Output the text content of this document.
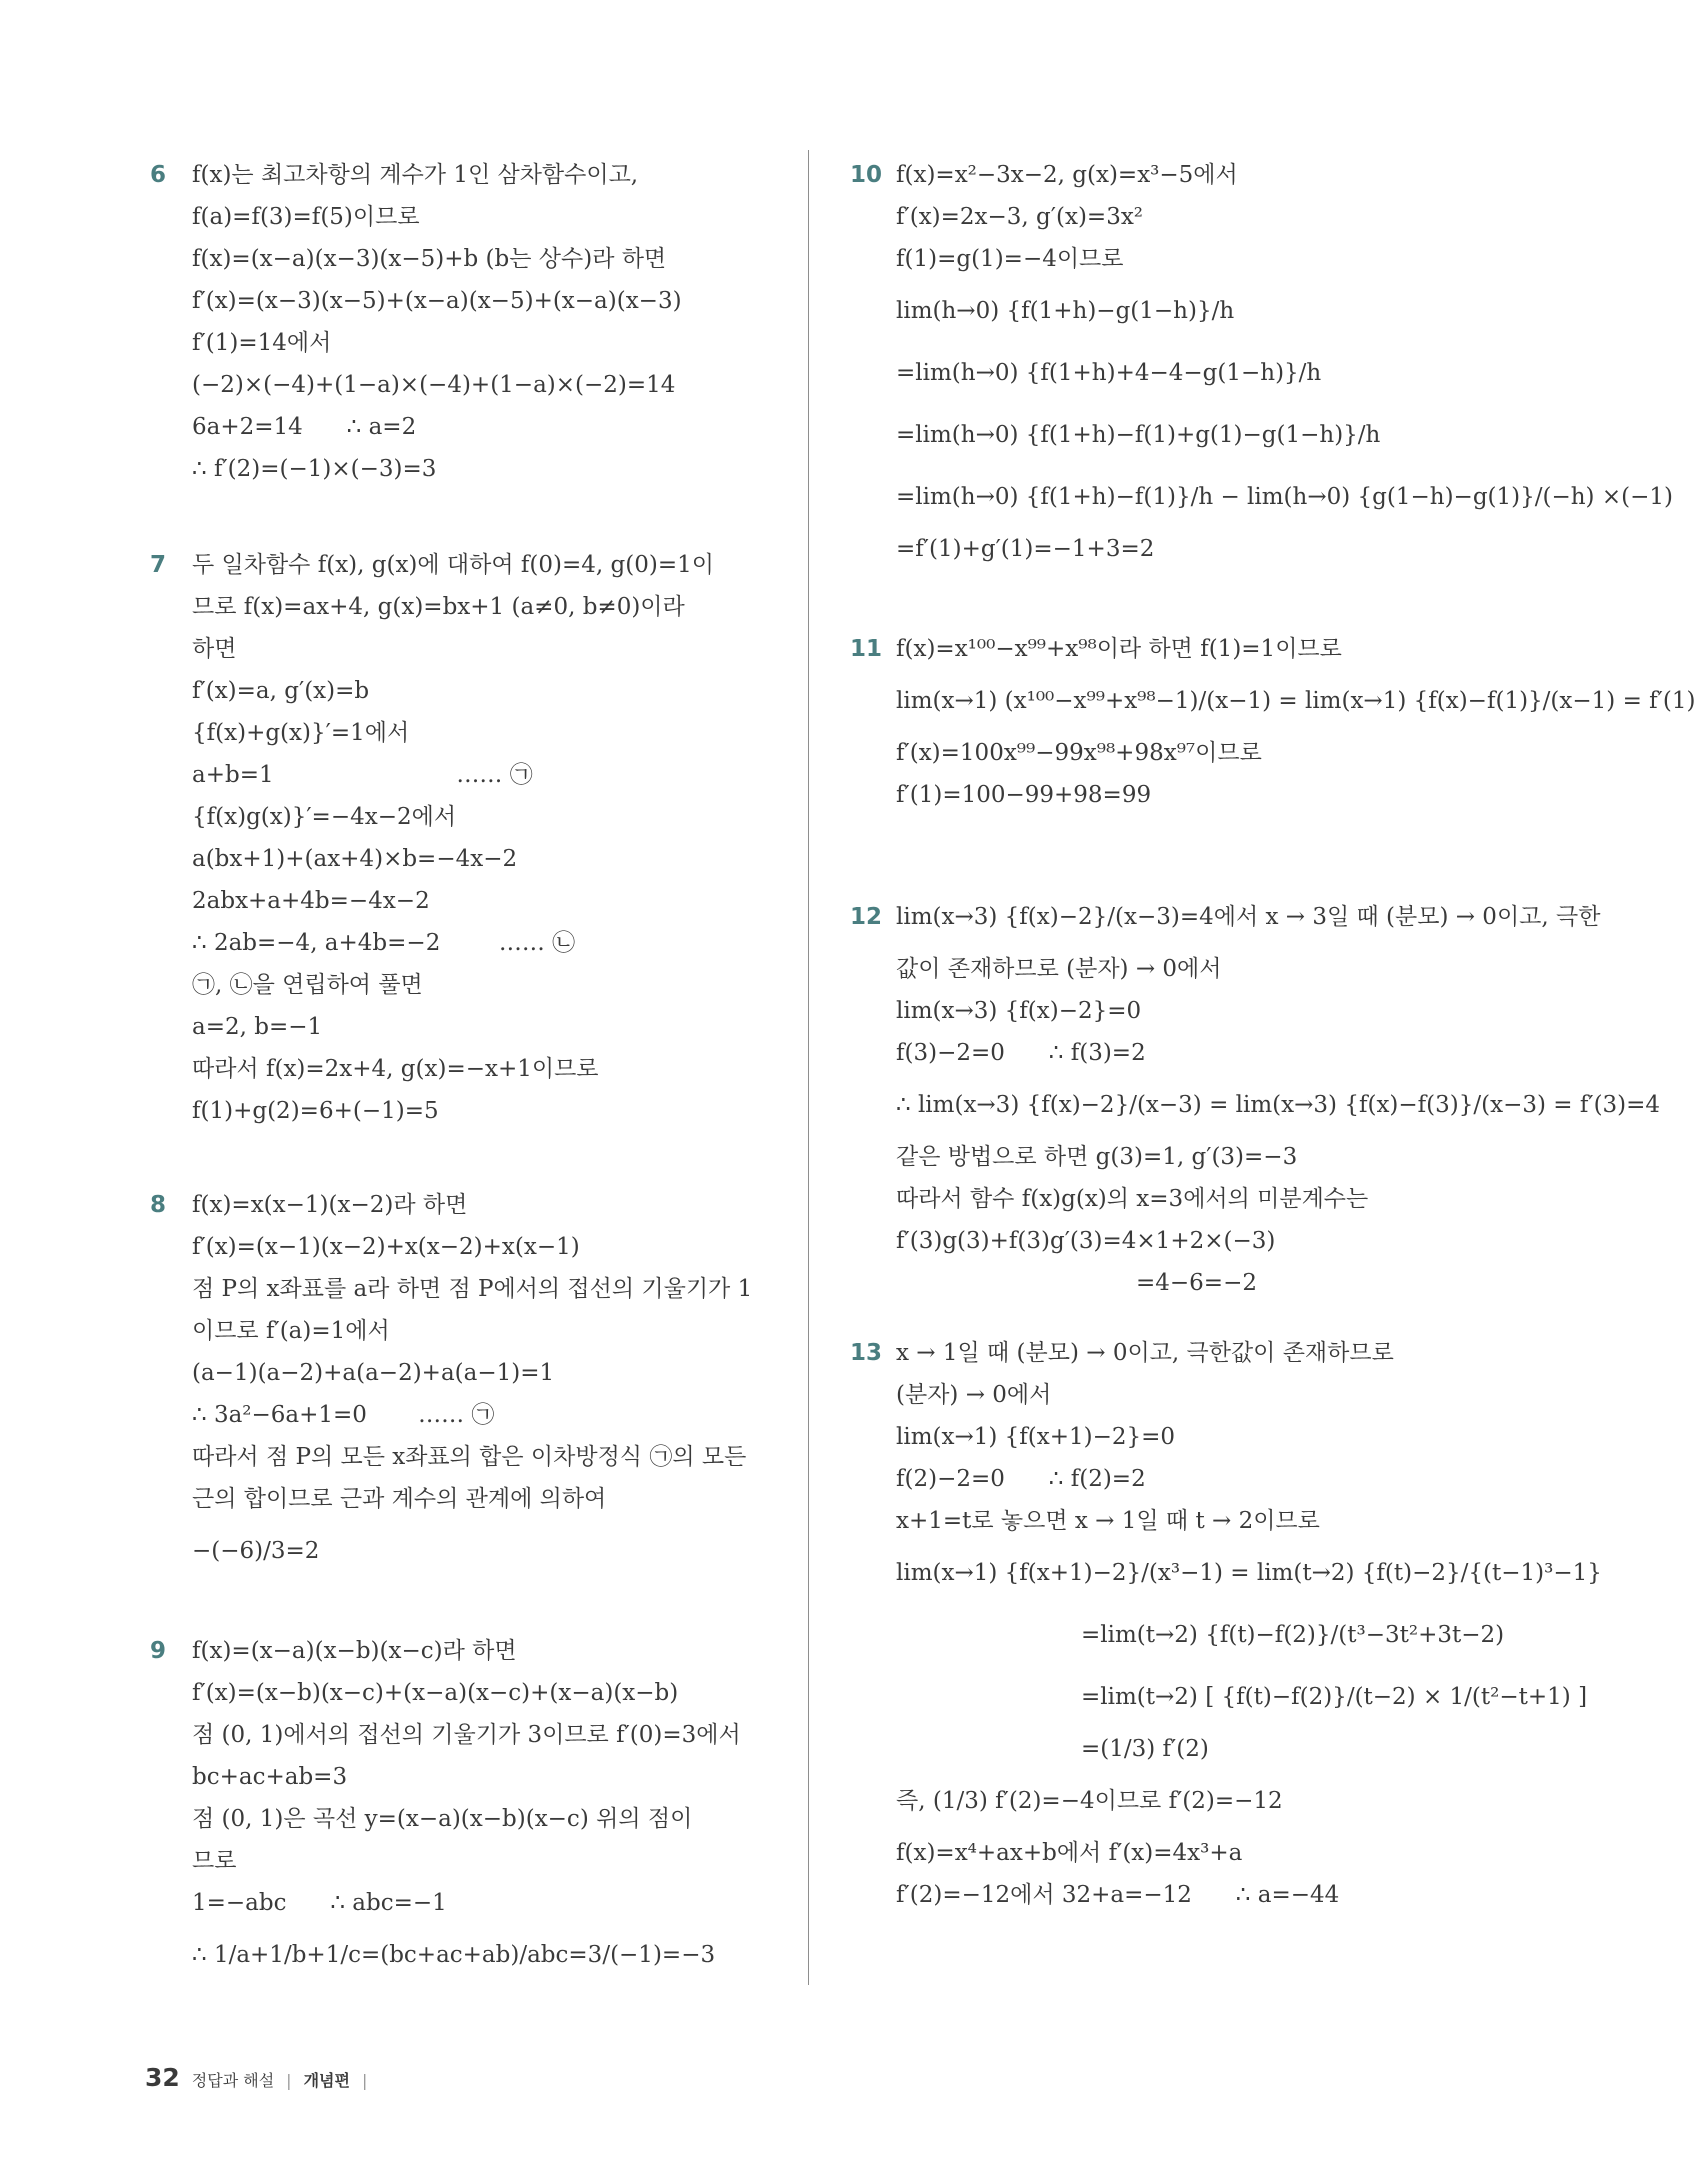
6 f(x)는 최고차항의 계수가 1인 삼차함수이고,
f(a)=f(3)=f(5)이므로
f(x)=(x−a)(x−3)(x−5)+b (b는 상수)라 하면
f′(x)=(x−3)(x−5)+(x−a)(x−5)+(x−a)(x−3)
f′(1)=14에서
(−2)×(−4)+(1−a)×(−4)+(1−a)×(−2)=14
6a+2=14      ∴ a=2
∴ f′(2)=(−1)×(−3)=3
7 두 일차함수 f(x), g(x)에 대하여 f(0)=4, g(0)=1이
므로 f(x)=ax+4, g(x)=bx+1 (a≠0, b≠0)이라
하면
f′(x)=a, g′(x)=b
{f(x)+g(x)}′=1에서
a+b=1                         …… ㉠
{f(x)g(x)}′=−4x−2에서
a(bx+1)+(ax+4)×b=−4x−2
2abx+a+4b=−4x−2
∴ 2ab=−4, a+4b=−2        …… ㉡
㉠, ㉡을 연립하여 풀면
a=2, b=−1
따라서 f(x)=2x+4, g(x)=−x+1이므로
f(1)+g(2)=6+(−1)=5
8 f(x)=x(x−1)(x−2)라 하면
f′(x)=(x−1)(x−2)+x(x−2)+x(x−1)
점 P의 x좌표를 a라 하면 점 P에서의 접선의 기울기가 1
이므로 f′(a)=1에서
(a−1)(a−2)+a(a−2)+a(a−1)=1
∴ 3a²−6a+1=0       …… ㉠
따라서 점 P의 모든 x좌표의 합은 이차방정식 ㉠의 모든
근의 합이므로 근과 계수의 관계에 의하여
−(−6)/3=2
9 f(x)=(x−a)(x−b)(x−c)라 하면
f′(x)=(x−b)(x−c)+(x−a)(x−c)+(x−a)(x−b)
점 (0, 1)에서의 접선의 기울기가 3이므로 f′(0)=3에서
bc+ac+ab=3
점 (0, 1)은 곡선 y=(x−a)(x−b)(x−c) 위의 점이
므로
1=−abc      ∴ abc=−1
∴ 1/a+1/b+1/c=(bc+ac+ab)/abc=3/(−1)=−3
10 f(x)=x²−3x−2, g(x)=x³−5에서
f′(x)=2x−3, g′(x)=3x²
f(1)=g(1)=−4이므로
lim(h→0) {f(1+h)−g(1−h)}/h
=lim(h→0) {f(1+h)+4−4−g(1−h)}/h
=lim(h→0) {f(1+h)−f(1)+g(1)−g(1−h)}/h
=lim(h→0) {f(1+h)−f(1)}/h − lim(h→0) {g(1−h)−g(1)}/(−h) ×(−1)
=f′(1)+g′(1)=−1+3=2
11 f(x)=x¹⁰⁰−x⁹⁹+x⁹⁸이라 하면 f(1)=1이므로
lim(x→1) (x¹⁰⁰−x⁹⁹+x⁹⁸−1)/(x−1) = lim(x→1) {f(x)−f(1)}/(x−1) = f′(1)
f′(x)=100x⁹⁹−99x⁹⁸+98x⁹⁷이므로
f′(1)=100−99+98=99
12 lim(x→3) {f(x)−2}/(x−3)=4에서 x → 3일 때 (분모) → 0이고, 극한
값이 존재하므로 (분자) → 0에서
lim(x→3) {f(x)−2}=0
f(3)−2=0      ∴ f(3)=2
∴ lim(x→3) {f(x)−2}/(x−3) = lim(x→3) {f(x)−f(3)}/(x−3) = f′(3)=4
같은 방법으로 하면 g(3)=1, g′(3)=−3
따라서 함수 f(x)g(x)의 x=3에서의 미분계수는
f′(3)g(3)+f(3)g′(3)=4×1+2×(−3)
=4−6=−2
13 x → 1일 때 (분모) → 0이고, 극한값이 존재하므로
(분자) → 0에서
lim(x→1) {f(x+1)−2}=0
f(2)−2=0      ∴ f(2)=2
x+1=t로 놓으면 x → 1일 때 t → 2이므로
lim(x→1) {f(x+1)−2}/(x³−1) = lim(t→2) {f(t)−2}/{(t−1)³−1}
=lim(t→2) {f(t)−f(2)}/(t³−3t²+3t−2)
=lim(t→2) [ {f(t)−f(2)}/(t−2) × 1/(t²−t+1) ]
=(1/3) f′(2)
즉, (1/3) f′(2)=−4이므로 f′(2)=−12
f(x)=x⁴+ax+b에서 f′(x)=4x³+a
f′(2)=−12에서 32+a=−12      ∴ a=−44
32 정답과 해설 | 개념편 |
